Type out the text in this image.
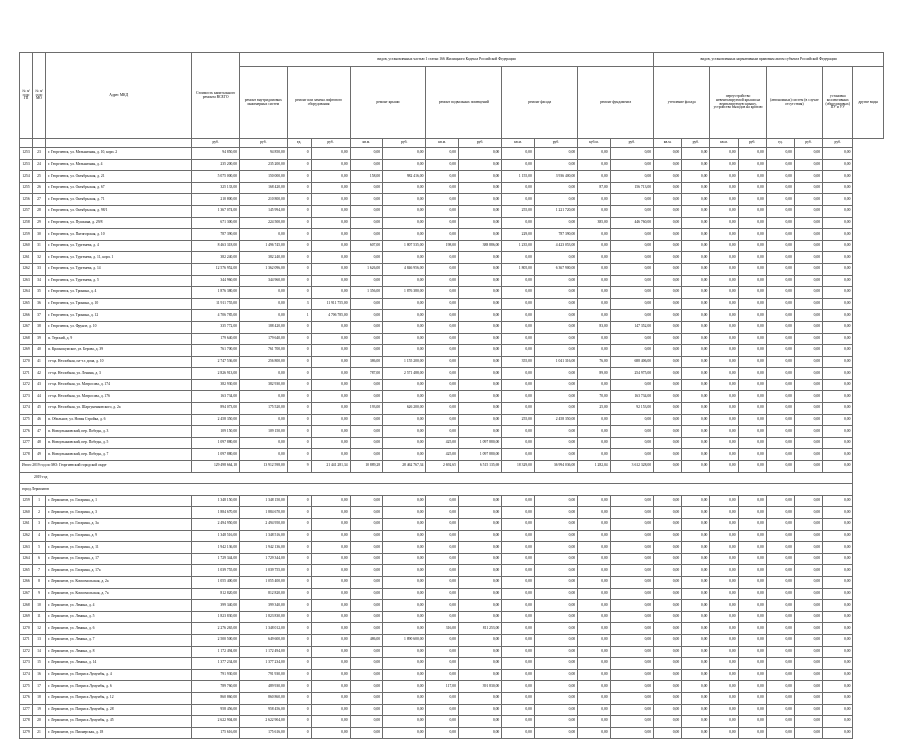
№ п/п по ГП	№ п/п по МО	Адрес МКД	Стоимость капитального ремонта ВСЕГО	видов, установленных частью 1 статьи 166 Жилищного Кодекса Российской Федерации											видов, установленных нормативным правовым актом субъекта Российской Федерации							
				ремонт внутридомовых инженерных систем	ремонт или замена лифтового оборудования		ремонт крыши		ремонт подвальных помещений		ремонт фасада		ремонт фундамента		утепление фасада		переустройство невентилируемой крыши на вентилируемую крышу, устройство выходов на кровлю		(автономных) систем (в случае отсутствия)		установка коллективных (общедомовых) ПУ и УУ	другие виды
			руб.	руб.	ед.	руб.	кв.м.	руб.	кв.м.	руб.	кв.м.	руб.	куб.м.	руб.	кв.м.	руб.	кв.м.	руб.	ед.	руб.	руб.	
1253	23	г. Георгиевск, ул. Мельничная, д. 10, корп. 2	94 850,00	94 850,00	0	0,00	0,00	0,00	0,00	0,00	0,00	0,00	0,00	0,00	0,00	0,00	0,00	0,00	0,00	0,00	0,00	
1253	24	г. Георгиевск, ул. Мельничная, д. 4	235 200,00	235 200,00	0	0,00	0,00	0,00	0,00	0,00	0,00	0,00	0,00	0,00	0,00	0,00	0,00	0,00	0,00	0,00	0,00	
1254	25	г. Георгиевск, ул. Октябрьская, д. 21	5 075 000,00	150 000,00	0	0,00	158,00	982 416,00	0,00	0,00	1 155,00	3 936 400,00	0,00	0,00	0,00	0,00	0,00	0,00	0,00	0,00	0,00	
1255	26	г. Георгиевск, ул. Октябрьская, д. 67	325 133,00	168 420,00	0	0,00	0,00	0,00	0,00	0,00	0,00	0,00	87,00	156 713,00	0,00	0,00	0,00	0,00	0,00	0,00	0,00	
1256	27	г. Георгиевск, ул. Октябрьская, д. 71	210 800,00	210 800,00	0	0,00	0,00	0,00	0,00	0,00	0,00	0,00	0,00	0,00	0,00	0,00	0,00	0,00	0,00	0,00	0,00	
1257	28	г. Георгиевск, ул. Октябрьская, д. 98/1	1 367 074,00	145 994,00	0	0,00	0,00	0,00	0,00	0,00	255,00	1 221 720,00	0,00	0,00	0,00	0,00	0,00	0,00	0,00	0,00	0,00	
1258	29	г. Георгиевск, ул. Пушкина, д. 29/8	671 300,00	224 500,00	0	0,00	0,00	0,00	0,00	0,00	0,00	0,00	385,00	446 760,00	0,00	0,00	0,00	0,00	0,00	0,00	0,00	
1259	30	г. Георгиевск, ул. Пятигорская, д. 10	787 390,00	0,00	0	0,00	0,00	0,00	0,00	0,00	229,00	787 390,00	0,00	0,00	0,00	0,00	0,00	0,00	0,00	0,00	0,00	
1260	31	г. Георгиевск, ул. Тургенева, д. 4	8 463 318,00	1 496 745,00	0	0,00	607,00	1 807 535,00	198,00	388 886,00	1 235,00	4 423 053,00	0,00	0,00	0,00	0,00	0,00	0,00	0,00	0,00	0,00	
1261	32	г. Георгиевск, ул. Тургенева, д. 11, корп. 1	382 240,00	382 240,00	0	0,00	0,00	0,00	0,00	0,00	0,00	0,00	0,00	0,00	0,00	0,00	0,00	0,00	0,00	0,00	0,00	
1262	33	г. Георгиевск, ул. Тургенева, д. 14	12 576 952,00	1 362 096,00	0	0,00	1 626,00	4 846 956,00	0,00	0,00	1 805,00	6 367 900,00	0,00	0,00	0,00	0,00	0,00	0,00	0,00	0,00	0,00	
1263	34	г. Георгиевск, ул. Тургенева, д. 5	344 960,00	344 960,00	0	0,00	0,00	0,00	0,00	0,00	0,00	0,00	0,00	0,00	0,00	0,00	0,00	0,00	0,00	0,00	0,00	
1264	35	г. Георгиевск, ул. Тронина, д. 4	1 876 380,00	0,00	0	0,00	1 356,00	1 876 380,00	0,00	0,00	0,00	0,00	0,00	0,00	0,00	0,00	0,00	0,00	0,00	0,00	0,00	
1265	36	г. Георгиевск, ул. Тронина, д. 10	11 911 755,00	0,00	3	11 911 755,00	0,00	0,00	0,00	0,00	0,00	0,00	0,00	0,00	0,00	0,00	0,00	0,00	0,00	0,00	0,00	
1266	37	г. Георгиевск, ул. Тронина, д. 12	4 706 785,00	0,00	1	4 706 785,00	0,00	0,00	0,00	0,00	0,00	0,00	0,00	0,00	0,00	0,00	0,00	0,00	0,00	0,00	0,00	
1267	38	г. Георгиевск, ул. Фрунзе, д. 10	335 772,00	188 420,00	0	0,00	0,00	0,00	0,00	0,00	0,00	0,00	83,00	147 352,00	0,00	0,00	0,00	0,00	0,00	0,00	0,00	
1268	39	п. Терский, д. 9	179 640,00	179 640,00	0	0,00	0,00	0,00	0,00	0,00	0,00	0,00	0,00	0,00	0,00	0,00	0,00	0,00	0,00	0,00	0,00	
1269	40	п. Краснокумское, ул. Берова, д. 39	761 700,00	761 700,00	0	0,00	0,00	0,00	0,00	0,00	0,00	0,00	0,00	0,00	0,00	0,00	0,00	0,00	0,00	0,00	0,00	
1270	41	ст-ца. Незлобная, пл-т.г. дома, д. 10	2 747 536,00	256 800,00	0	0,00	386,00	1 155 200,00	0,00	0,00	355,00	1 041 316,00	76,00	688 406,00	0,00	0,00	0,00	0,00	0,00	0,00	0,00	
1271	42	ст-ца. Незлобная, ул. Ленина, д. 3	2 826 913,00	0,00	0	0,00	787,00	2 571 488,00	0,00	0,00	0,00	0,00	89,00	254 975,00	0,00	0,00	0,00	0,00	0,00	0,00	0,00	
1272	43	ст-ца. Незлобная, ул. Матросова, д. 174	382 930,00	382 930,00	0	0,00	0,00	0,00	0,00	0,00	0,00	0,00	0,00	0,00	0,00	0,00	0,00	0,00	0,00	0,00	0,00	
1273	44	ст-ца. Незлобная, ул. Матросова, д. 176	163 734,00	0,00	0	0,00	0,00	0,00	0,00	0,00	0,00	0,00	70,00	163 734,00	0,00	0,00	0,00	0,00	0,00	0,00	0,00	
1274	45	ст-ца. Незлобная, ул. Шаргуненковского, д. 2а	894 073,00	175 520,00	0	0,00	193,00	626 200,00	0,00	0,00	0,00	0,00	25,00	92 153,00	0,00	0,00	0,00	0,00	0,00	0,00	0,00	
1275	46	п. Обильное, ул. Новая Стройка, д. 6	2 458 350,00	0,00	0	0,00	0,00	0,00	0,00	0,00	255,00	2 458 350,00	0,00	0,00	0,00	0,00	0,00	0,00	0,00	0,00	0,00	
1276	47	п. Новоульяновский, пер. Победы, д. 3	109 150,00	109 150,00	0	0,00	0,00	0,00	0,00	0,00	0,00	0,00	0,00	0,00	0,00	0,00	0,00	0,00	0,00	0,00	0,00	
1277	48	п. Новоульяновский, пер. Победы, д. 5	1 097 880,00	0,00	0	0,00	0,00	0,00	425,00	1 097 880,00	0,00	0,00	0,00	0,00	0,00	0,00	0,00	0,00	0,00	0,00	0,00	
1278	49	п. Новоульяновский, пер. Победы, д. 7	1 097 880,00	0,00	0	0,00	0,00	0,00	425,00	1 097 880,00	0,00	0,00	0,00	0,00	0,00	0,00	0,00	0,00	0,00	0,00	0,00	
Итого 2019 год по МО: Георгиевский городской округ			129 498 664,18	13 912 598,00	9	21 441 281,34	10 889,28	28 462 767,34	2 692,65	6 515 135,69	18 329,00	36 994 036,00	1 282,04	3 612 328,00	0,00	0,00	0,00	0,00	0,00	0,00	0,00	
2019 год																						
город Лермонтов																						
1259	1	г. Лермонтов, ул. Гагарина, д. 1	1 348 150,00	1 348 150,00	0	0,00	0,00	0,00	0,00	0,00	0,00	0,00	0,00	0,00	0,00	0,00	0,00	0,00	0,00	0,00	0,00	
1260	2	г. Лермонтов, ул. Гагарина, д. 3	1 884 670,00	1 884 670,00	0	0,00	0,00	0,00	0,00	0,00	0,00	0,00	0,00	0,00	0,00	0,00	0,00	0,00	0,00	0,00	0,00	
1261	3	г. Лермонтов, ул. Гагарина, д. 3а	2 494 950,00	2 494 950,00	0	0,00	0,00	0,00	0,00	0,00	0,00	0,00	0,00	0,00	0,00	0,00	0,00	0,00	0,00	0,00	0,00	
1262	4	г. Лермонтов, ул. Гагарина, д. 9	1 348 516,00	1 348 516,00	0	0,00	0,00	0,00	0,00	0,00	0,00	0,00	0,00	0,00	0,00	0,00	0,00	0,00	0,00	0,00	0,00	
1263	5	г. Лермонтов, ул. Гагарина, д. 11	1 942 136,00	1 942 136,00	0	0,00	0,00	0,00	0,00	0,00	0,00	0,00	0,00	0,00	0,00	0,00	0,00	0,00	0,00	0,00	0,00	
1264	6	г. Лермонтов, ул. Гагарина, д. 17	1 729 344,00	1 729 344,00	0	0,00	0,00	0,00	0,00	0,00	0,00	0,00	0,00	0,00	0,00	0,00	0,00	0,00	0,00	0,00	0,00	
1265	7	г. Лермонтов, ул. Гагарина, д. 17а	1 039 755,00	1 039 755,00	0	0,00	0,00	0,00	0,00	0,00	0,00	0,00	0,00	0,00	0,00	0,00	0,00	0,00	0,00	0,00	0,00	
1266	8	г. Лермонтов, ул. Комсомольская, д. 2а	1 055 400,00	1 055 400,00	0	0,00	0,00	0,00	0,00	0,00	0,00	0,00	0,00	0,00	0,00	0,00	0,00	0,00	0,00	0,00	0,00	
1267	9	г. Лермонтов, ул. Комсомольская, д. 7а	812 820,00	812 820,00	0	0,00	0,00	0,00	0,00	0,00	0,00	0,00	0,00	0,00	0,00	0,00	0,00	0,00	0,00	0,00	0,00	
1268	10	г. Лермонтов, ул. Ленина, д. 4	399 340,00	399 340,00	0	0,00	0,00	0,00	0,00	0,00	0,00	0,00	0,00	0,00	0,00	0,00	0,00	0,00	0,00	0,00	0,00	
1269	11	г. Лермонтов, ул. Ленина, д. 5	1 823 830,00	1 823 830,00	0	0,00	0,00	0,00	0,00	0,00	0,00	0,00	0,00	0,00	0,00	0,00	0,00	0,00	0,00	0,00	0,00	
1270	12	г. Лермонтов, ул. Ленина, д. 6	2 276 265,00	1 348 012,00	0	0,00	0,00	0,00	316,00	811 253,00	0,00	0,00	0,00	0,00	0,00	0,00	0,00	0,00	0,00	0,00	0,00	
1271	13	г. Лермонтов, ул. Ленина, д. 7	2 500 500,00	649 600,00	0	0,00	486,00	1 890 600,00	0,00	0,00	0,00	0,00	0,00	0,00	0,00	0,00	0,00	0,00	0,00	0,00	0,00	
1272	14	г. Лермонтов, ул. Ленина, д. 8	1 172 494,00	1 172 494,00	0	0,00	0,00	0,00	0,00	0,00	0,00	0,00	0,00	0,00	0,00	0,00	0,00	0,00	0,00	0,00	0,00	
1273	15	г. Лермонтов, ул. Ленина, д. 14	1 377 234,00	1 377 234,00	0	0,00	0,00	0,00	0,00	0,00	0,00	0,00	0,00	0,00	0,00	0,00	0,00	0,00	0,00	0,00	0,00	
1274	16	г. Лермонтов, ул. Патриса Лумумбы, д. 4	791 930,00	791 930,00	0	0,00	0,00	0,00	0,00	0,00	0,00	0,00	0,00	0,00	0,00	0,00	0,00	0,00	0,00	0,00	0,00	
1275	17	г. Лермонтов, ул. Патриса Лумумбы, д. 6	789 760,00	489 930,00	0	0,00	0,00	0,00	117,00	391 830,00	0,00	0,00	0,00	0,00	0,00	0,00	0,00	0,00	0,00	0,00	0,00	
1276	18	г. Лермонтов, ул. Патриса Лумумбы, д. 12	860 860,00	860 860,00	0	0,00	0,00	0,00	0,00	0,00	0,00	0,00	0,00	0,00	0,00	0,00	0,00	0,00	0,00	0,00	0,00	
1277	19	г. Лермонтов, ул. Патриса Лумумбы, д. 28	958 456,00	958 456,00	0	0,00	0,00	0,00	0,00	0,00	0,00	0,00	0,00	0,00	0,00	0,00	0,00	0,00	0,00	0,00	0,00	
1278	20	г. Лермонтов, ул. Патриса Лумумбы, д. 45	2 622 904,00	2 622 904,00	0	0,00	0,00	0,00	0,00	0,00	0,00	0,00	0,00	0,00	0,00	0,00	0,00	0,00	0,00	0,00	0,00	
1279	21	г. Лермонтов, ул. Пионерская, д. 18	175 616,00	175 616,00	0	0,00	0,00	0,00	0,00	0,00	0,00	0,00	0,00	0,00	0,00	0,00	0,00	0,00	0,00	0,00	0,00	
